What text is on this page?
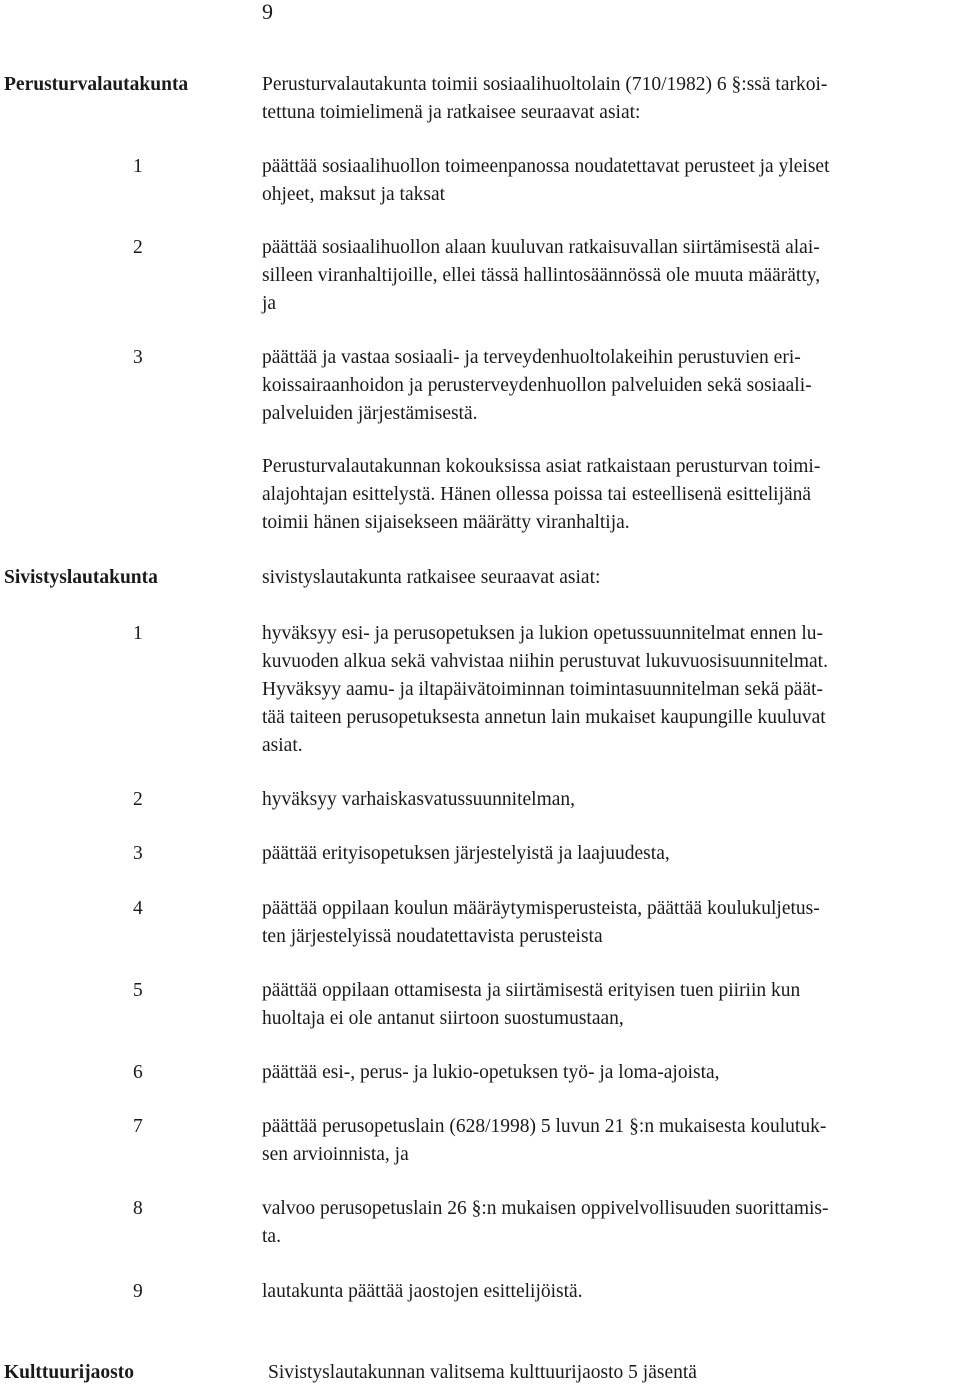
9
Perusturvalautakunta	Perusturvalautakunta toimii sosiaalihuoltolain (710/1982) 6 §:ssä tarkoi-
tettuna toimielimenä ja ratkaisee seuraavat asiat:
1	päättää sosiaalihuollon toimeenpanossa noudatettavat perusteet ja yleiset
ohjeet, maksut ja taksat
2	päättää sosiaalihuollon alaan kuuluvan ratkaisuvallan siirtämisestä alai-
silleen viranhaltijoille, ellei tässä hallintosäännössä ole muuta määrätty,
ja
3	päättää ja vastaa sosiaali- ja terveydenhuoltolakeihin perustuvien eri-
koissairaanhoidon ja perusterveydenhuollon palveluiden sekä sosiaali-
palveluiden järjestämisestä.
Perusturvalautakunnan kokouksissa asiat ratkaistaan perusturvan toimi-
alajohtajan esittelystä. Hänen ollessa poissa tai esteellisenä esittelijänä
toimii hänen sijaisekseen määrätty viranhaltija.
Sivistyslautakunta	sivistyslautakunta ratkaisee seuraavat asiat:
1	hyväksyy esi- ja perusopetuksen ja lukion opetussuunnitelmat ennen lu-
kuvuoden alkua sekä vahvistaa niihin perustuvat lukuvuosisuunnitelmat.
Hyväksyy aamu- ja iltapäivätoiminnan toimintasuunnitelman sekä päät-
tää taiteen perusopetuksesta annetun lain mukaiset kaupungille kuuluvat
asiat.
2	hyväksyy varhaiskasvatussuunnitelman,
3	päättää erityisopetuksen järjestelyistä ja laajuudesta,
4	päättää oppilaan koulun määräytymisperusteista, päättää koulukuljetus-
ten järjestelyissä noudatettavista perusteista
5	päättää oppilaan ottamisesta ja siirtämisestä erityisen tuen piiriin kun
huoltaja ei ole antanut siirtoon suostumustaan,
6	päättää esi-, perus- ja lukio-opetuksen työ- ja loma-ajoista,
7	päättää perusopetuslain (628/1998) 5 luvun 21 §:n mukaisesta koulutuk-
sen arvioinnista, ja
8	valvoo perusopetuslain 26 §:n mukaisen oppivelvollisuuden suorittamis-
ta.
9	lautakunta päättää jaostojen esittelijöistä.
Kulttuurijaosto	Sivistyslautakunnan valitsema kulttuurijaosto 5 jäsentä
